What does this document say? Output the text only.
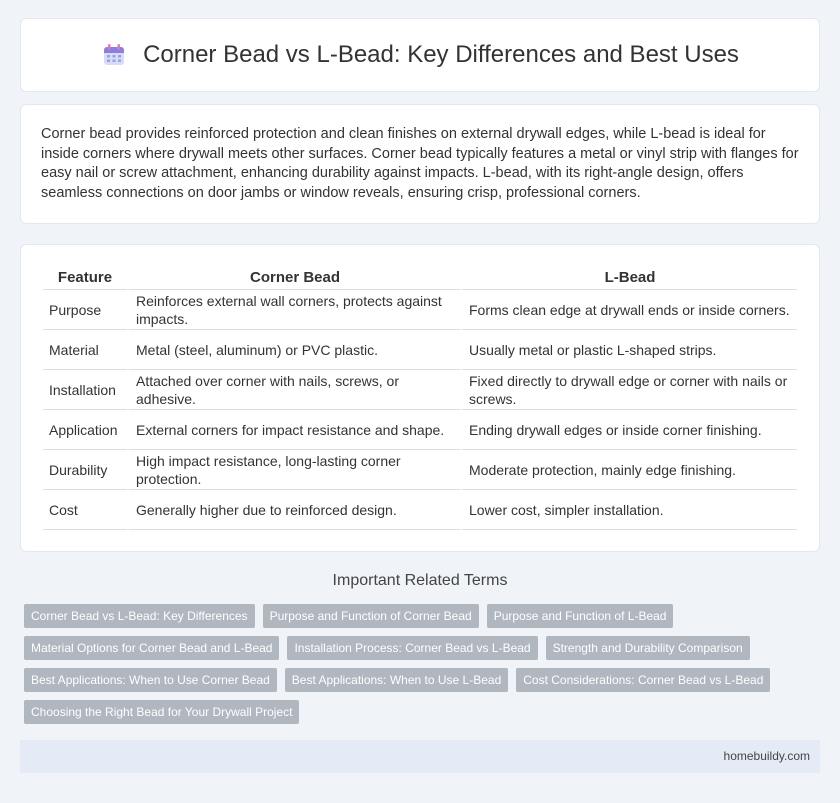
Corner Bead vs L-Bead: Key Differences and Best Uses

Corner bead provides reinforced protection and clean finishes on external drywall edges, while L-bead is ideal for inside corners where drywall meets other surfaces. Corner bead typically features a metal or vinyl strip with flanges for easy nail or screw attachment, enhancing durability against impacts. L-bead, with its right-angle design, offers seamless connections on door jambs or window reveals, ensuring crisp, professional corners.

Feature	Corner Bead	L-Bead
Purpose	Reinforces external wall corners, protects against impacts.	Forms clean edge at drywall ends or inside corners.
Material	Metal (steel, aluminum) or PVC plastic.	Usually metal or plastic L-shaped strips.
Installation	Attached over corner with nails, screws, or adhesive.	Fixed directly to drywall edge or corner with nails or screws.
Application	External corners for impact resistance and shape.	Ending drywall edges or inside corner finishing.
Durability	High impact resistance, long-lasting corner protection.	Moderate protection, mainly edge finishing.
Cost	Generally higher due to reinforced design.	Lower cost, simpler installation.
Important Related Terms
Corner Bead vs L-Bead: Key Differences	Purpose and Function of Corner Bead	Purpose and Function of L-Bead
Material Options for Corner Bead and L-Bead	Installation Process: Corner Bead vs L-Bead	Strength and Durability Comparison
Best Applications: When to Use Corner Bead	Best Applications: When to Use L-Bead	Cost Considerations: Corner Bead vs L-Bead
Choosing the Right Bead for Your Drywall Project
homebuildy.com
